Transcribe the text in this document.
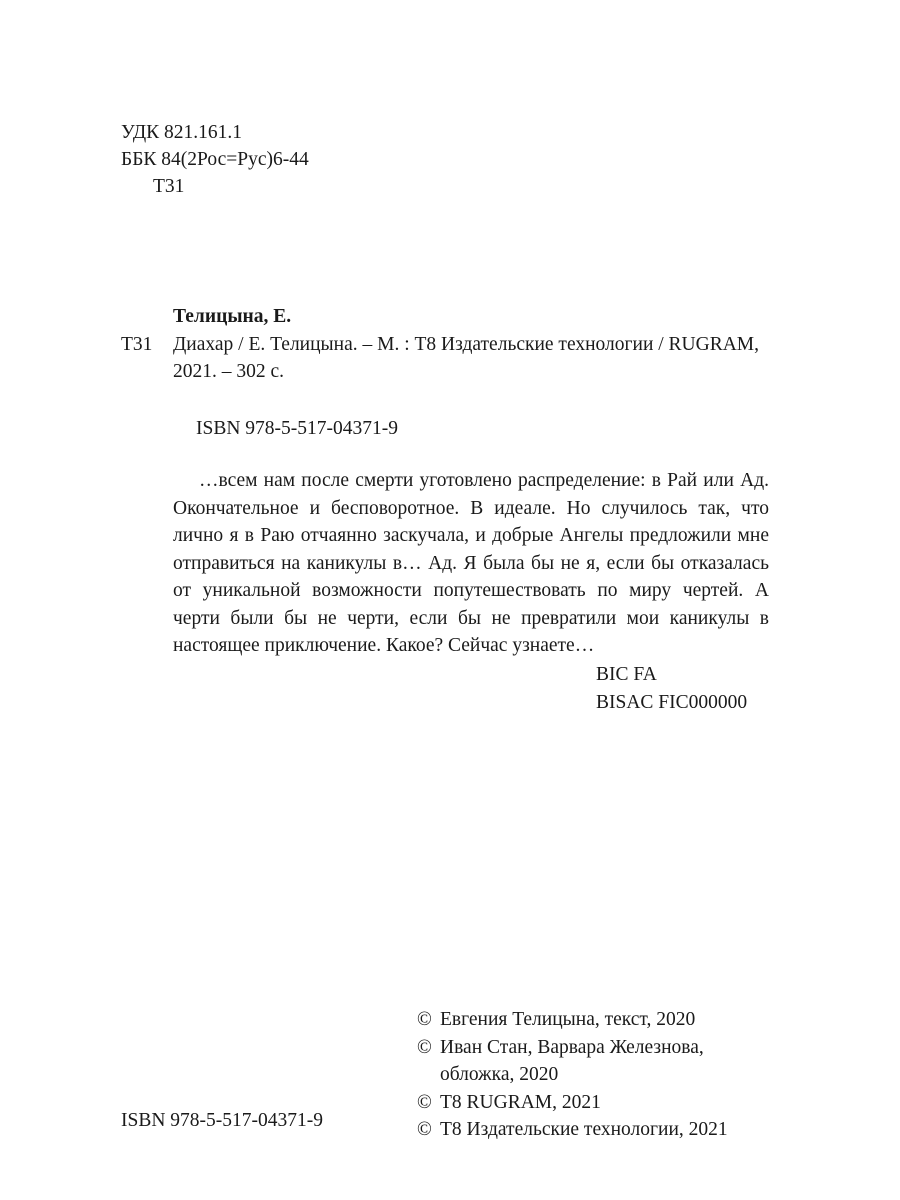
УДК 821.161.1
ББК 84(2Рос=Рус)6-44
Т31
Телицына, Е.
Т31 Диахар / Е. Телицына. – М. : Т8 Издательские технологии / RUGRAM, 2021. – 302 с.
ISBN 978-5-517-04371-9
…всем нам после смерти уготовлено распределение: в Рай или Ад. Окончательное и бесповоротное. В идеале. Но случилось так, что лично я в Раю отчаянно заскучала, и добрые Ангелы предложили мне отправиться на каникулы в… Ад. Я была бы не я, если бы отказалась от уникальной возможности попутешествовать по миру чертей. А черти были бы не черти, если бы не превратили мои каникулы в настоящее приключение. Какое? Сейчас узнаете…
BIC FA
BISAC FIC000000
© Евгения Телицына, текст, 2020
© Иван Стан, Варвара Железнова,
обложка, 2020
© Т8 RUGRAM, 2021
© Т8 Издательские технологии, 2021
ISBN 978-5-517-04371-9
